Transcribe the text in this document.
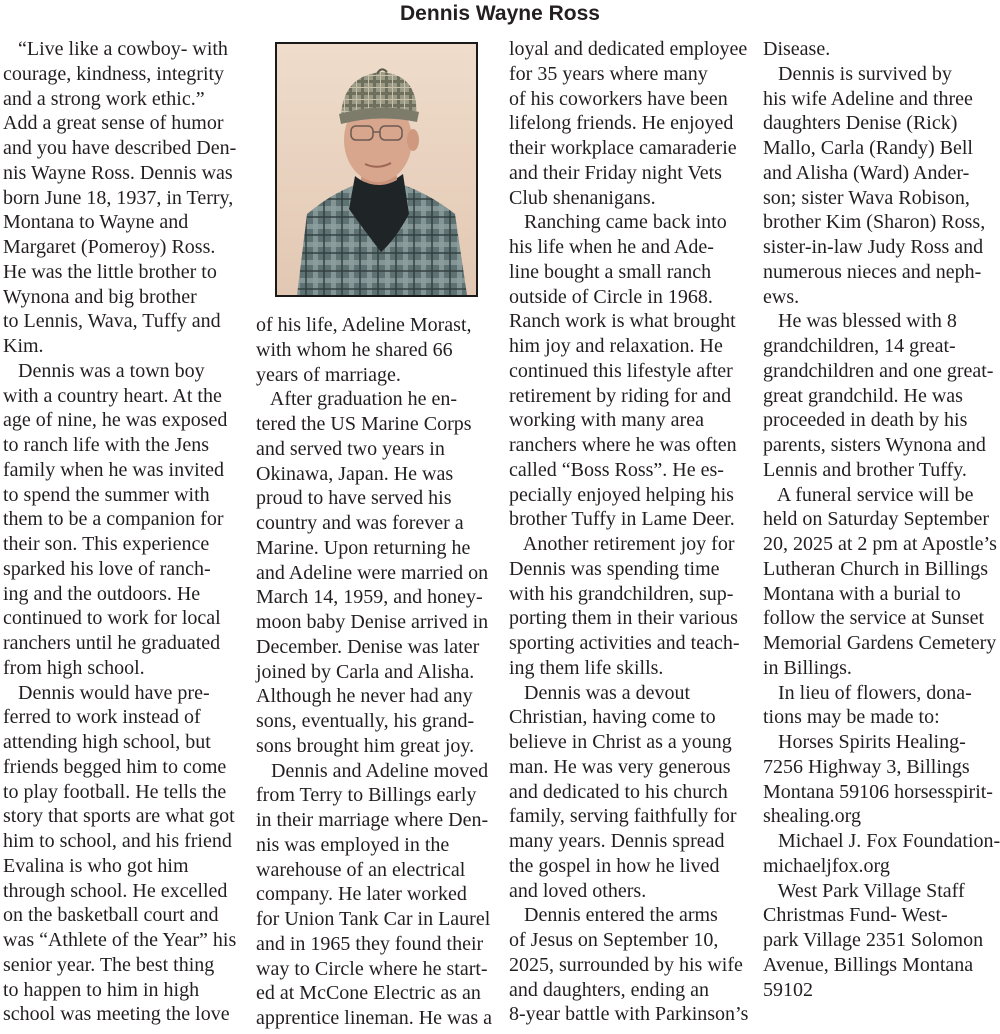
Dennis Wayne Ross
“Live like a cowboy- with
courage, kindness, integrity
and a strong work ethic.”
Add a great sense of humor
and you have described Den-
nis Wayne Ross. Dennis was
born June 18, 1937, in Terry,
Montana to Wayne and
Margaret (Pomeroy) Ross.
He was the little brother to
Wynona and big brother
to Lennis, Wava, Tuffy and
Kim.
Dennis was a town boy
with a country heart. At the
age of nine, he was exposed
to ranch life with the Jens
family when he was invited
to spend the summer with
them to be a companion for
their son. This experience
sparked his love of ranch-
ing and the outdoors. He
continued to work for local
ranchers until he graduated
from high school.
Dennis would have pre-
ferred to work instead of
attending high school, but
friends begged him to come
to play football. He tells the
story that sports are what got
him to school, and his friend
Evalina is who got him
through school. He excelled
on the basketball court and
was “Athlete of the Year” his
senior year. The best thing
to happen to him in high
school was meeting the love
of his life, Adeline Morast,
with whom he shared 66
years of marriage.
After graduation he en-
tered the US Marine Corps
and served two years in
Okinawa, Japan. He was
proud to have served his
country and was forever a
Marine. Upon returning he
and Adeline were married on
March 14, 1959, and honey-
moon baby Denise arrived in
December. Denise was later
joined by Carla and Alisha.
Although he never had any
sons, eventually, his grand-
sons brought him great joy.
Dennis and Adeline moved
from Terry to Billings early
in their marriage where Den-
nis was employed in the
warehouse of an electrical
company. He later worked
for Union Tank Car in Laurel
and in 1965 they found their
way to Circle where he start-
ed at McCone Electric as an
apprentice lineman. He was a
loyal and dedicated employee
for 35 years where many
of his coworkers have been
lifelong friends. He enjoyed
their workplace camaraderie
and their Friday night Vets
Club shenanigans.
Ranching came back into
his life when he and Ade-
line bought a small ranch
outside of Circle in 1968.
Ranch work is what brought
him joy and relaxation. He
continued this lifestyle after
retirement by riding for and
working with many area
ranchers where he was often
called “Boss Ross”. He es-
pecially enjoyed helping his
brother Tuffy in Lame Deer.
Another retirement joy for
Dennis was spending time
with his grandchildren, sup-
porting them in their various
sporting activities and teach-
ing them life skills.
Dennis was a devout
Christian, having come to
believe in Christ as a young
man. He was very generous
and dedicated to his church
family, serving faithfully for
many years. Dennis spread
the gospel in how he lived
and loved others.
Dennis entered the arms
of Jesus on September 10,
2025, surrounded by his wife
and daughters, ending an
8-year battle with Parkinson’s
Disease.
Dennis is survived by
his wife Adeline and three
daughters Denise (Rick)
Mallo, Carla (Randy) Bell
and Alisha (Ward) Ander-
son; sister Wava Robison,
brother Kim (Sharon) Ross,
sister-in-law Judy Ross and
numerous nieces and neph-
ews.
He was blessed with 8
grandchildren, 14 great-
grandchildren and one great-
great grandchild. He was
proceeded in death by his
parents, sisters Wynona and
Lennis and brother Tuffy.
A funeral service will be
held on Saturday September
20, 2025 at 2 pm at Apostle’s
Lutheran Church in Billings
Montana with a burial to
follow the service at Sunset
Memorial Gardens Cemetery
in Billings.
In lieu of flowers, dona-
tions may be made to:
Horses Spirits Healing-
7256 Highway 3, Billings
Montana 59106 horsesspirit-
shealing.org
Michael J. Fox Foundation-
michaeljfox.org
West Park Village Staff
Christmas Fund- West-
park Village 2351 Solomon
Avenue, Billings Montana
59102
